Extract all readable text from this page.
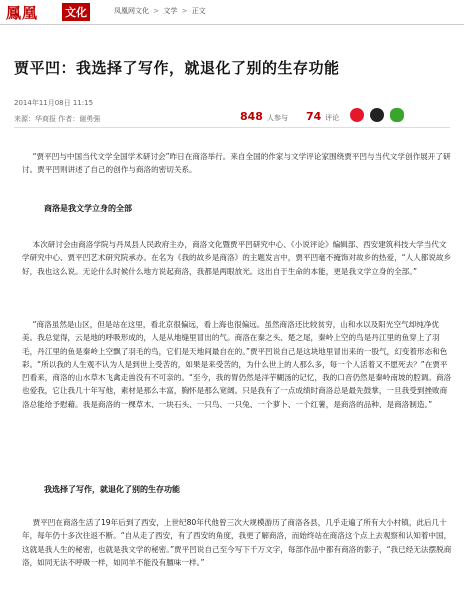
鳳凰 文化	凤凰网文化 > 文学 > 正文
贾平凹：我选择了写作，就退化了别的生存功能
2014年11月08日 11:15
来源：华商报 作者：谢勇强	848 人参与 74 评论

“贾平凹与中国当代文学全国学术研讨会”昨日在商洛举行。来自全国的作家与文学评论家围绕贾平凹与当代文学创作展开了研讨。贾平凹则讲述了自己的创作与商洛的密切关系。

商洛是我文学立身的全部

本次研讨会由商洛学院与丹凤县人民政府主办，商洛文化暨贾平凹研究中心、《小说评论》编辑部、西安建筑科技大学当代文学研究中心、贾平凹艺术研究院承办。在名为《我的故乡是商洛》的主题发言中，贾平凹毫不掩饰对故乡的热爱，“人人都说故乡好，我也这么说。无论什么时候什么地方说起商洛，我都是两眼放光。这出自于生命的本能，更是我文学立身的全部。”

“商洛虽然是山区，但是站在这里，看北京很偏远，看上海也很偏远。虽然商洛还比较贫穷，山和水以及阳光空气却纯净优美。我总觉得，云是地的呼吸形成的，人是从地缝里冒出的气。商洛在秦之头、楚之尾，秦岭上空的鸟是丹江里的鱼穿上了羽毛，丹江里的鱼是秦岭上空飘了羽毛的鸟，它们是天地间最自在的。”贾平凹说自己是这块地里冒出来的一股气，幻变着形态和色彩。“所以我的人生观不认为人是到世上受苦的，如果是来受苦的，为什么世上的人那么多，每一个人活着又不愿死去？”在贾平凹看来，商洛的山水草木飞禽走兽没有不可亲的。“至今，我的胃仍然是洋芋糊汤的记忆，我的口音仍然是秦岭南坡的腔调。商洛也爱我，它让我几十年写他，素材是那么丰富，胸怀是那么宽阔。只是我有了一点成绩时商洛总是最先鼓掌，一旦我受到挫败商洛总能给予慰藉。我是商洛的一棵草木、一块石头、一只鸟、一只兔、一个萝卜、一个红薯，是商洛的品种、是商洛制造。”

我选择了写作，就退化了别的生存功能

贾平凹在商洛生活了19年后到了西安，上世纪80年代他曾三次大规模游历了商洛各县，几乎走遍了所有大小村镇，此后几十年，每年仍十多次往返不断。“自从走了西安，有了西安的角度，我更了解商洛，而始终站在商洛这个点上去观察和认知着中国，这就是我人生的秘密，也就是我文学的秘密。”贾平凹说自己至今写下千万文字，每部作品中都有商洛的影子，“我已经无法摆脱商洛，如同无法不呼吸一样，如同羊不能没有膻味一样。”
